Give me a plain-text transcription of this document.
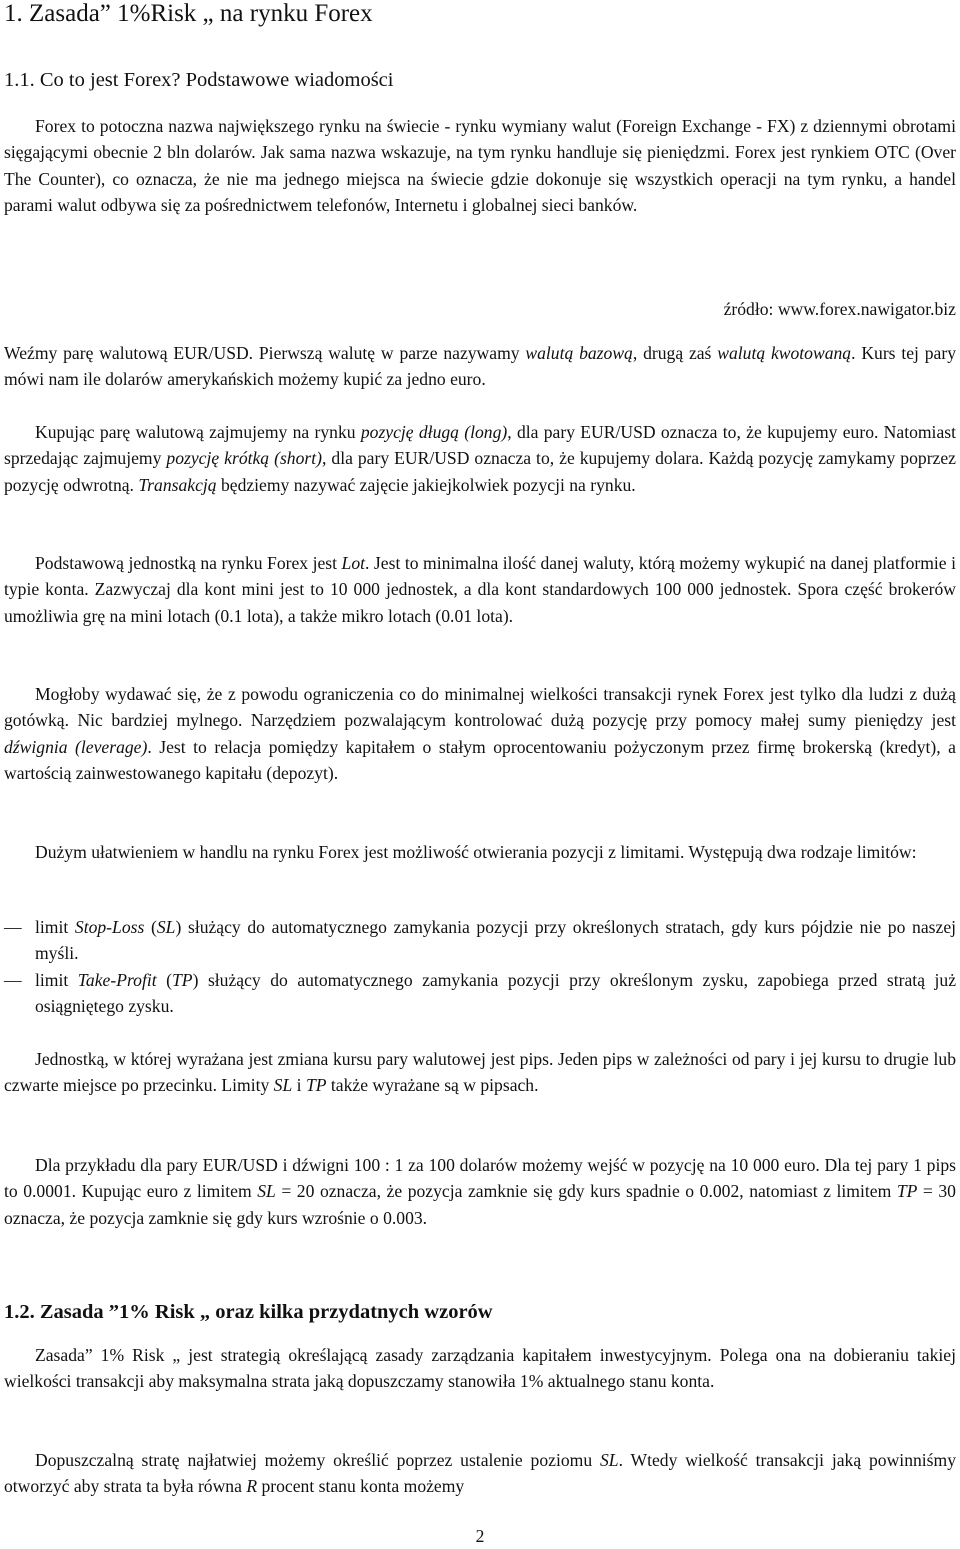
1. Zasada” 1%Risk „ na rynku Forex
1.1. Co to jest Forex? Podstawowe wiadomości

Forex to potoczna nazwa największego rynku na świecie - rynku wymiany walut (Foreign Exchange - FX) z dziennymi obrotami sięgającymi obecnie 2 bln dolarów. Jak sama nazwa wskazuje, na tym rynku handluje się pieniędzmi. Forex jest rynkiem OTC (Over The Counter), co oznacza, że nie ma jednego miejsca na świecie gdzie dokonuje się wszystkich operacji na tym rynku, a handel parami walut odbywa się za pośrednictwem telefonów, Internetu i globalnej sieci banków.

źródło: www.forex.nawigator.biz

Weźmy parę walutową EUR/USD. Pierwszą walutę w parze nazywamy walutą bazową, drugą zaś walutą kwotowaną. Kurs tej pary mówi nam ile dolarów amerykańskich możemy kupić za jedno euro.

Kupując parę walutową zajmujemy na rynku pozycję długą (long), dla pary EUR/USD oznacza to, że kupujemy euro. Natomiast sprzedając zajmujemy pozycję krótką (short), dla pary EUR/USD oznacza to, że kupujemy dolara. Każdą pozycję zamykamy poprzez pozycję odwrotną. Transakcją będziemy nazywać zajęcie jakiejkolwiek pozycji na rynku.

Podstawową jednostką na rynku Forex jest Lot. Jest to minimalna ilość danej waluty, którą możemy wykupić na danej platformie i typie konta. Zazwyczaj dla kont mini jest to 10 000 jednostek, a dla kont standardowych 100 000 jednostek. Spora część brokerów umożliwia grę na mini lotach (0.1 lota), a także mikro lotach (0.01 lota).

Mogłoby wydawać się, że z powodu ograniczenia co do minimalnej wielkości transakcji rynek Forex jest tylko dla ludzi z dużą gotówką. Nic bardziej mylnego. Narzędziem pozwalającym kontrolować dużą pozycję przy pomocy małej sumy pieniędzy jest dźwignia (leverage). Jest to relacja pomiędzy kapitałem o stałym oprocentowaniu pożyczonym przez firmę brokerską (kredyt), a wartością zainwestowanego kapitału (depozyt).

Dużym ułatwieniem w handlu na rynku Forex jest możliwość otwierania pozycji z limitami. Występują dwa rodzaje limitów:

— limit Stop-Loss (SL) służący do automatycznego zamykania pozycji przy określonych stratach, gdy kurs pójdzie nie po naszej myśli.

— limit Take-Profit (TP) służący do automatycznego zamykania pozycji przy określonym zysku, zapobiega przed stratą już osiągniętego zysku.

Jednostką, w której wyrażana jest zmiana kursu pary walutowej jest pips. Jeden pips w zależności od pary i jej kursu to drugie lub czwarte miejsce po przecinku. Limity SL i TP także wyrażane są w pipsach.

Dla przykładu dla pary EUR/USD i dźwigni 100 : 1 za 100 dolarów możemy wejść w pozycję na 10 000 euro. Dla tej pary 1 pips to 0.0001. Kupując euro z limitem SL = 20 oznacza, że pozycja zamknie się gdy kurs spadnie o 0.002, natomiast z limitem TP = 30 oznacza, że pozycja zamknie się gdy kurs wzrośnie o 0.003.

1.2. Zasada ”1% Risk „ oraz kilka przydatnych wzorów

Zasada” 1% Risk „ jest strategią określającą zasady zarządzania kapitałem inwestycyjnym. Polega ona na dobieraniu takiej wielkości transakcji aby maksymalna strata jaką dopuszczamy stanowiła 1% aktualnego stanu konta.

Dopuszczalną stratę najłatwiej możemy określić poprzez ustalenie poziomu SL. Wtedy wielkość transakcji jaką powinniśmy otworzyć aby strata ta była równa R procent stanu konta możemy

2
